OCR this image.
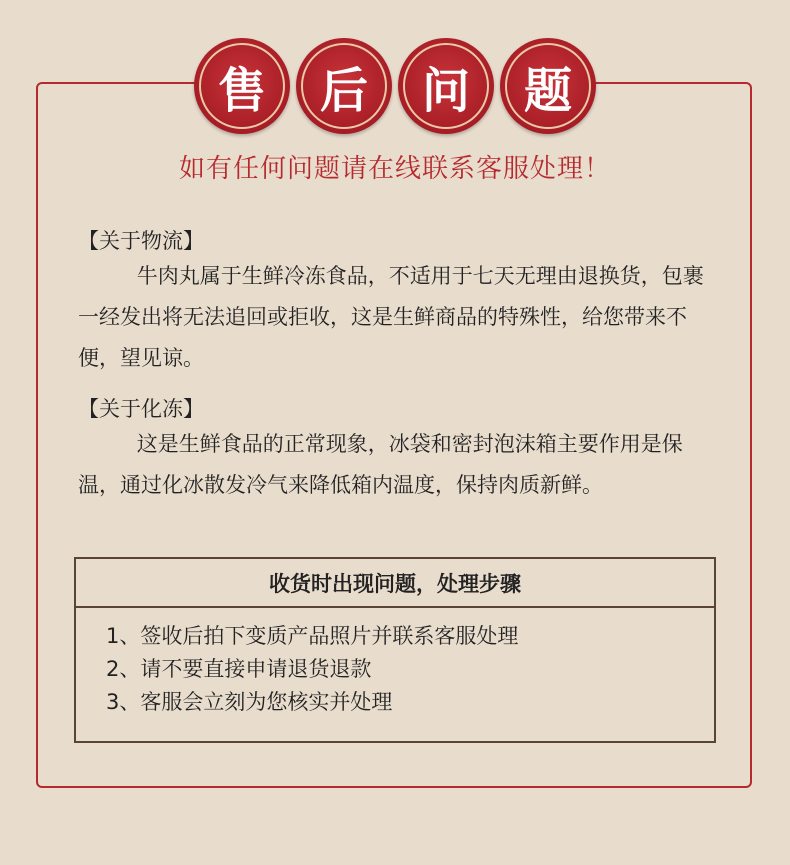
售 后 问 题
如有任何问题请在线联系客服处理！
【关于物流】

牛肉丸属于生鲜冷冻食品，不适用于七天无理由退换货，包裹一经发出将无法追回或拒收，这是生鲜商品的特殊性，给您带来不便，望见谅。

【关于化冻】

这是生鲜食品的正常现象，冰袋和密封泡沫箱主要作用是保温，通过化冰散发冷气来降低箱内温度，保持肉质新鲜。

收货时出现问题，处理步骤
1、签收后拍下变质产品照片并联系客服处理
2、请不要直接申请退货退款
3、客服会立刻为您核实并处理
